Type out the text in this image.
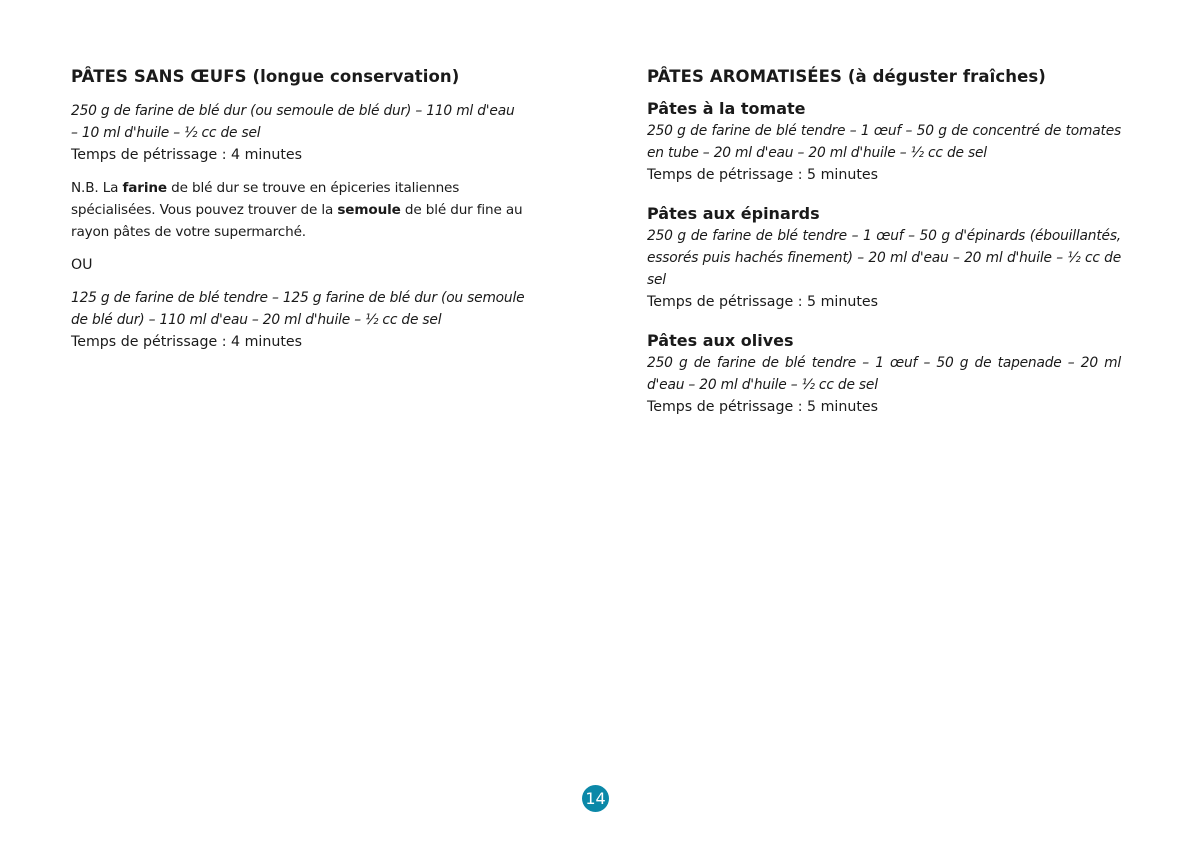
PÂTES SANS ŒUFS (longue conservation)

250 g de farine de blé dur (ou semoule de blé dur) – 110 ml d'eau

– 10 ml d'huile – ½ cc de sel

Temps de pétrissage : 4 minutes

N.B. La farine de blé dur se trouve en épiceries italiennes spécialisées. Vous pouvez trouver de la semoule de blé dur fine au rayon pâtes de votre supermarché.

OU

125 g de farine de blé tendre – 125 g farine de blé dur (ou semoule

de blé dur) – 110 ml d'eau – 20 ml d'huile – ½ cc de sel

Temps de pétrissage : 4 minutes

PÂTES AROMATISÉES (à déguster fraîches)
Pâtes à la tomate

250 g de farine de blé tendre – 1 œuf – 50 g de concentré de tomates en tube – 20 ml d'eau – 20 ml d'huile – ½ cc de sel

Temps de pétrissage : 5 minutes

Pâtes aux épinards

250 g de farine de blé tendre – 1 œuf – 50 g d'épinards (ébouillantés, essorés puis hachés finement) – 20 ml d'eau – 20 ml d'huile – ½ cc de sel

Temps de pétrissage : 5 minutes

Pâtes aux olives

250 g de farine de blé tendre – 1 œuf – 50 g de tapenade – 20 ml d'eau – 20 ml d'huile – ½ cc de sel

Temps de pétrissage : 5 minutes

14
